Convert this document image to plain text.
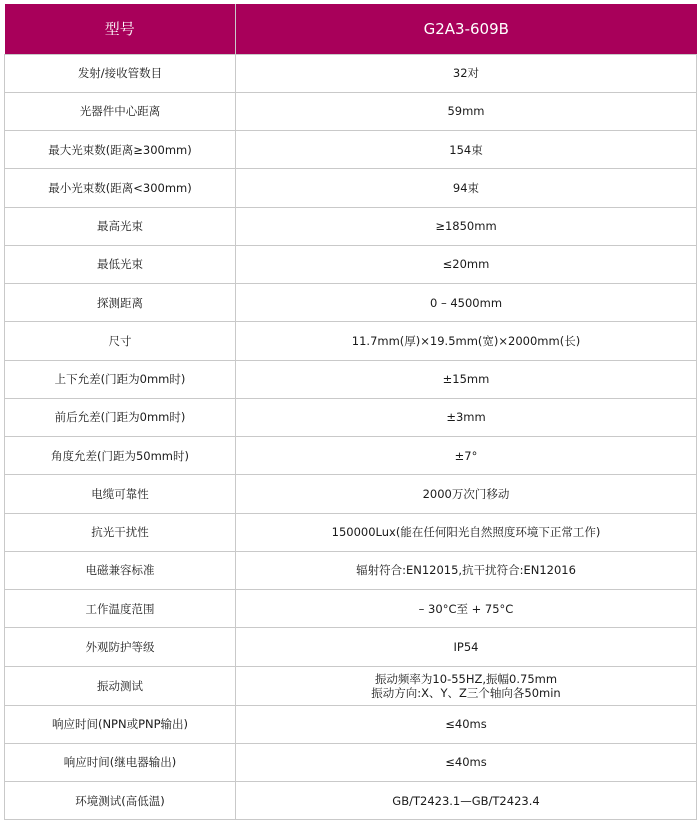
型号	G2A3-609B
发射/接收管数目	32对
光器件中心距离	59mm
最大光束数(距离≥300mm)	154束
最小光束数(距离<300mm)	94束
最高光束	≥1850mm
最低光束	≤20mm
探测距离	0 – 4500mm
尺寸	11.7mm(厚)×19.5mm(宽)×2000mm(长)
上下允差(门距为0mm时)	±15mm
前后允差(门距为0mm时)	±3mm
角度允差(门距为50mm时)	±7°
电缆可靠性	2000万次门移动
抗光干扰性	150000Lux(能在任何阳光自然照度环境下正常工作)
电磁兼容标准	辐射符合:EN12015,抗干扰符合:EN12016
工作温度范围	– 30°C至 + 75°C
外观防护等级	IP54
振动测试	振动频率为10-55HZ,振幅0.75mm
振动方向:X、Y、Z三个轴向各50min

响应时间(NPN或PNP输出)	≤40ms
响应时间(继电器输出)	≤40ms
环境测试(高低温)	GB/T2423.1—GB/T2423.4
